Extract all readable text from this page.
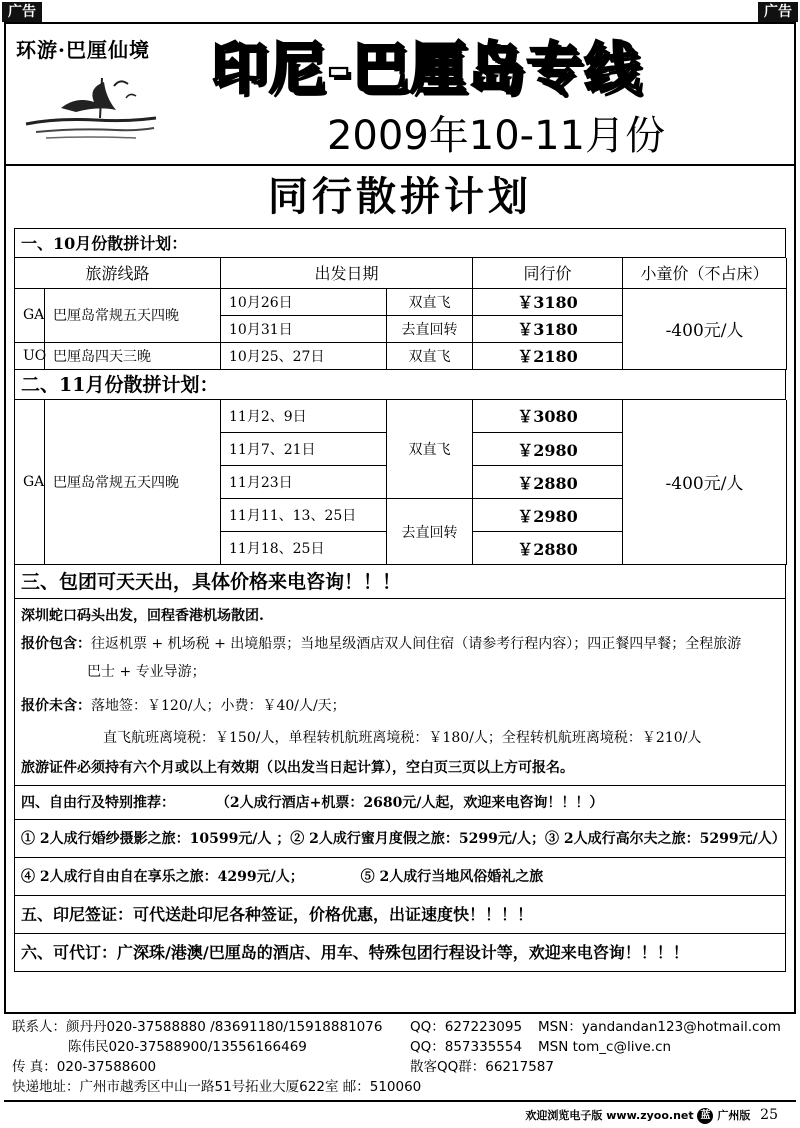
广告	广告
环游·巴厘仙境	印尼-巴厘岛专线
2009年10-11月份
同行散拼计划
一、10月份散拼计划：
旅游线路		出发日期		同行价	小童价（不占床）
GA	巴厘岛常规五天四晚	10月26日	双直飞	￥3180	-400元/人
		10月31日	去直回转	￥3180	
UO	巴厘岛四天三晚	10月25、27日	双直飞	￥2180	
二、11月份散拼计划：
GA	巴厘岛常规五天四晚	11月2、9日	双直飞	￥3080	-400元/人
		11月7、21日		￥2980	
		11月23日		￥2880	
		11月11、13、25日	去直回转	￥2980	
		11月18、25日		￥2880	
三、包团可天天出，具体价格来电咨询！！！
深圳蛇口码头出发，回程香港机场散团.
报价包含：往返机票 + 机场税 + 出境船票；当地星级酒店双人间住宿（请参考行程内容）；四正餐四早餐；全程旅游
巴士 + 专业导游；
报价未含：落地签：￥120/人；小费：￥40/人/天；
直飞航班离境税：￥150/人，单程转机航班离境税：￥180/人；全程转机航班离境税：￥210/人
旅游证件必须持有六个月或以上有效期（以出发当日起计算），空白页三页以上方可报名。
四、自由行及特别推荐：	（2人成行酒店+机票：2680元/人起，欢迎来电咨询！！！）
① 2人成行婚纱摄影之旅：10599元/人 ；② 2人成行蜜月度假之旅：5299元/人；③ 2人成行高尔夫之旅：5299元/人）
④ 2人成行自由自在享乐之旅：4299元/人；	⑤ 2人成行当地风俗婚礼之旅
五、印尼签证：可代送赴印尼各种签证，价格优惠，出证速度快！！！！
六、可代订：广深珠/港澳/巴厘岛的酒店、用车、特殊包团行程设计等，欢迎来电咨询！！！！
联系人：颜丹丹020-37588880 /83691180/15918881076 QQ：627223095 MSN：yandandan123@hotmail.com
陈伟民020-37588900/13556166469	QQ：857335554 MSN tom_c@live.cn
传 真：020-37588600	散客QQ群：66217587
快递地址：广州市越秀区中山一路51号拓业大厦622室 邮：510060
欢迎浏览电子版 www.zyoo.net 蓝 广州版 25
